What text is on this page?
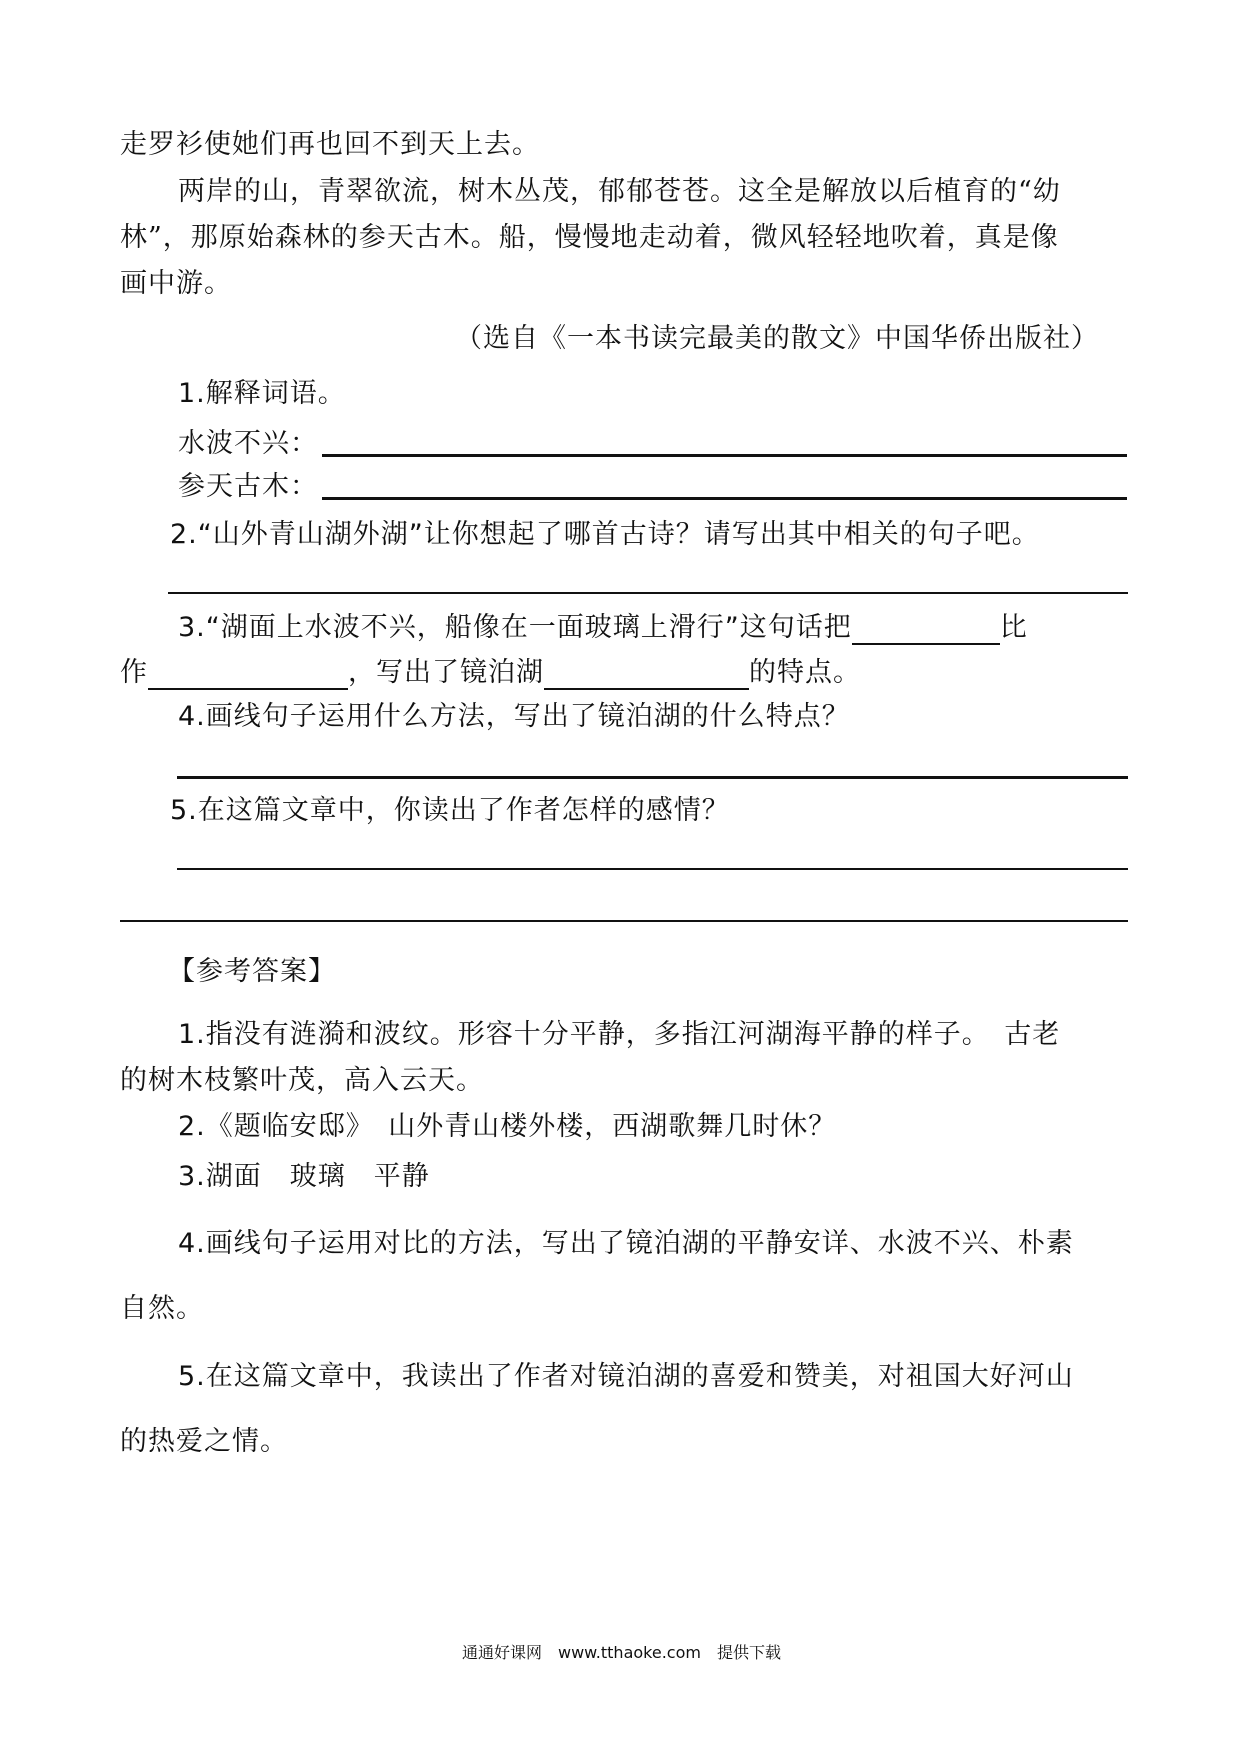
走罗衫使她们再也回不到天上去。
两岸的山，青翠欲流，树木丛茂，郁郁苍苍。这全是解放以后植育的“幼
林”，那原始森林的参天古木。船，慢慢地走动着，微风轻轻地吹着，真是像
画中游。
（选自《一本书读完最美的散文》中国华侨出版社）
1.解释词语。
水波不兴：
参天古木：
2.“山外青山湖外湖”让你想起了哪首古诗？请写出其中相关的句子吧。
3.“湖面上水波不兴，船像在一面玻璃上滑行”这句话把	比
作	，写出了镜泊湖	的特点。
4.画线句子运用什么方法，写出了镜泊湖的什么特点？
5.在这篇文章中，你读出了作者怎样的感情？
【参考答案】
1.指没有涟漪和波纹。形容十分平静，多指江河湖海平静的样子。　古老
的树木枝繁叶茂，高入云天。
2.《题临安邸》　山外青山楼外楼，西湖歌舞几时休？
3.湖面　玻璃　平静
4.画线句子运用对比的方法，写出了镜泊湖的平静安详、水波不兴、朴素
自然。
5.在这篇文章中，我读出了作者对镜泊湖的喜爱和赞美，对祖国大好河山
的热爱之情。
通通好课网　www.tthaoke.com　提供下载
